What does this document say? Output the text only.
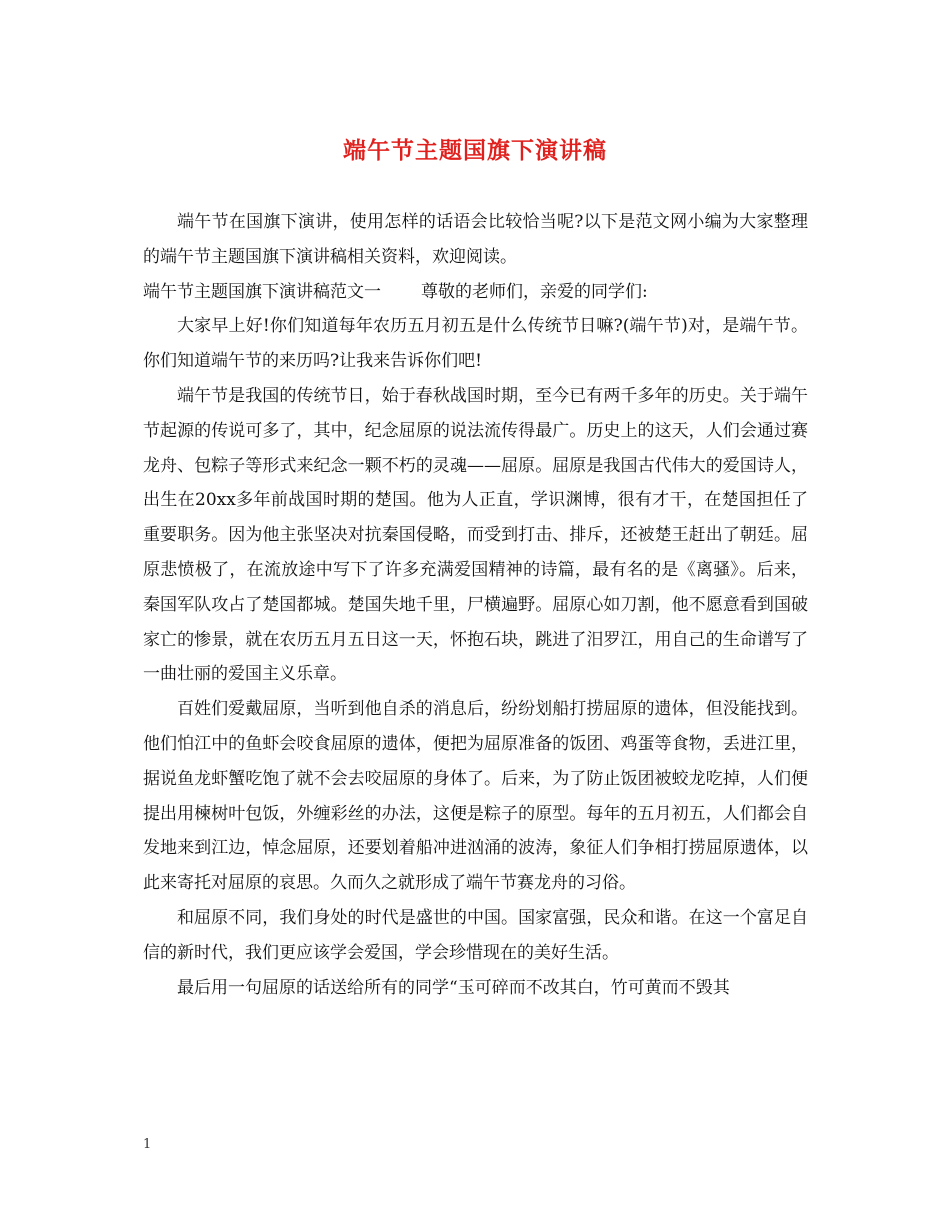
端午节主题国旗下演讲稿

端午节在国旗下演讲，使用怎样的话语会比较恰当呢?以下是范文网小编为大家整理的端午节主题国旗下演讲稿相关资料，欢迎阅读。

端午节主题国旗下演讲稿范文一 尊敬的老师们，亲爱的同学们:

大家早上好!你们知道每年农历五月初五是什么传统节日嘛?(端午节)对，是端午节。你们知道端午节的来历吗?让我来告诉你们吧!

端午节是我国的传统节日，始于春秋战国时期，至今已有两千多年的历史。关于端午节起源的传说可多了，其中，纪念屈原的说法流传得最广。历史上的这天，人们会通过赛龙舟、包粽子等形式来纪念一颗不朽的灵魂——屈原。屈原是我国古代伟大的爱国诗人，出生在20xx多年前战国时期的楚国。他为人正直，学识渊博，很有才干，在楚国担任了重要职务。因为他主张坚决对抗秦国侵略，而受到打击、排斥，还被楚王赶出了朝廷。屈原悲愤极了，在流放途中写下了许多充满爱国精神的诗篇，最有名的是《离骚》。后来，秦国军队攻占了楚国都城。楚国失地千里，尸横遍野。屈原心如刀割，他不愿意看到国破家亡的惨景，就在农历五月五日这一天，怀抱石块，跳进了汨罗江，用自己的生命谱写了一曲壮丽的爱国主义乐章。

百姓们爱戴屈原，当听到他自杀的消息后，纷纷划船打捞屈原的遗体，但没能找到。他们怕江中的鱼虾会咬食屈原的遗体，便把为屈原准备的饭团、鸡蛋等食物，丢进江里，据说鱼龙虾蟹吃饱了就不会去咬屈原的身体了。后来，为了防止饭团被蛟龙吃掉，人们便提出用楝树叶包饭，外缠彩丝的办法，这便是粽子的原型。每年的五月初五，人们都会自发地来到江边，悼念屈原，还要划着船冲进汹涌的波涛，象征人们争相打捞屈原遗体，以此来寄托对屈原的哀思。久而久之就形成了端午节赛龙舟的习俗。

和屈原不同，我们身处的时代是盛世的中国。国家富强，民众和谐。在这一个富足自信的新时代，我们更应该学会爱国，学会珍惜现在的美好生活。

最后用一句屈原的话送给所有的同学“玉可碎而不改其白，竹可黄而不毁其

1
